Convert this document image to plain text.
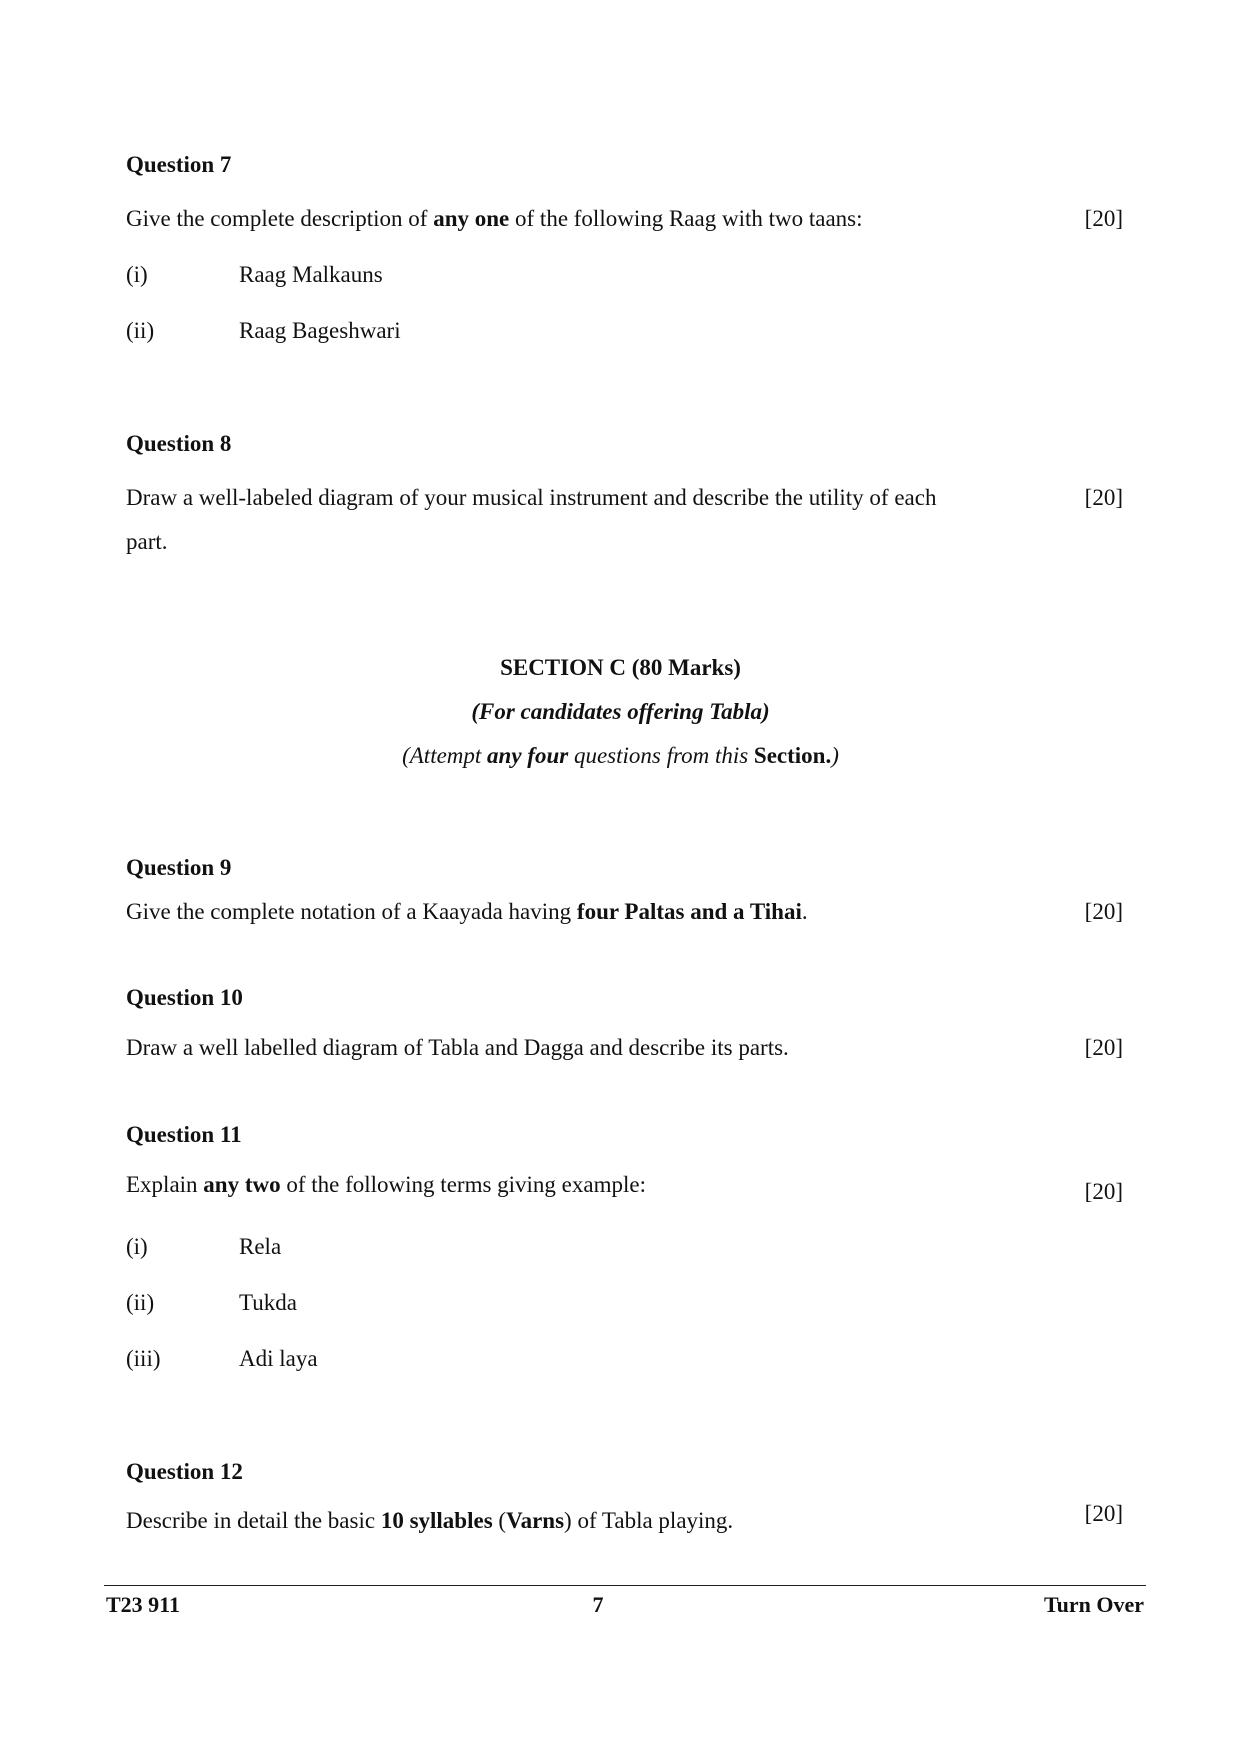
Question 7
Give the complete description of any one of the following Raag with two taans:	[20]
(i)	Raag Malkauns
(ii)	Raag Bageshwari
Question 8
Draw a well-labeled diagram of your musical instrument and describe the utility of each	[20]
part.
SECTION C (80 Marks)
(For candidates offering Tabla)
(Attempt any four questions from this Section.)
Question 9
Give the complete notation of a Kaayada having four Paltas and a Tihai.	[20]
Question 10
Draw a well labelled diagram of Tabla and Dagga and describe its parts.	[20]
Question 11
Explain any two of the following terms giving example:	[20]
(i)	Rela
(ii)	Tukda
(iii)	Adi laya
Question 12
Describe in detail the basic 10 syllables (Varns) of Tabla playing.	[20]
T23 911	7	Turn Over
